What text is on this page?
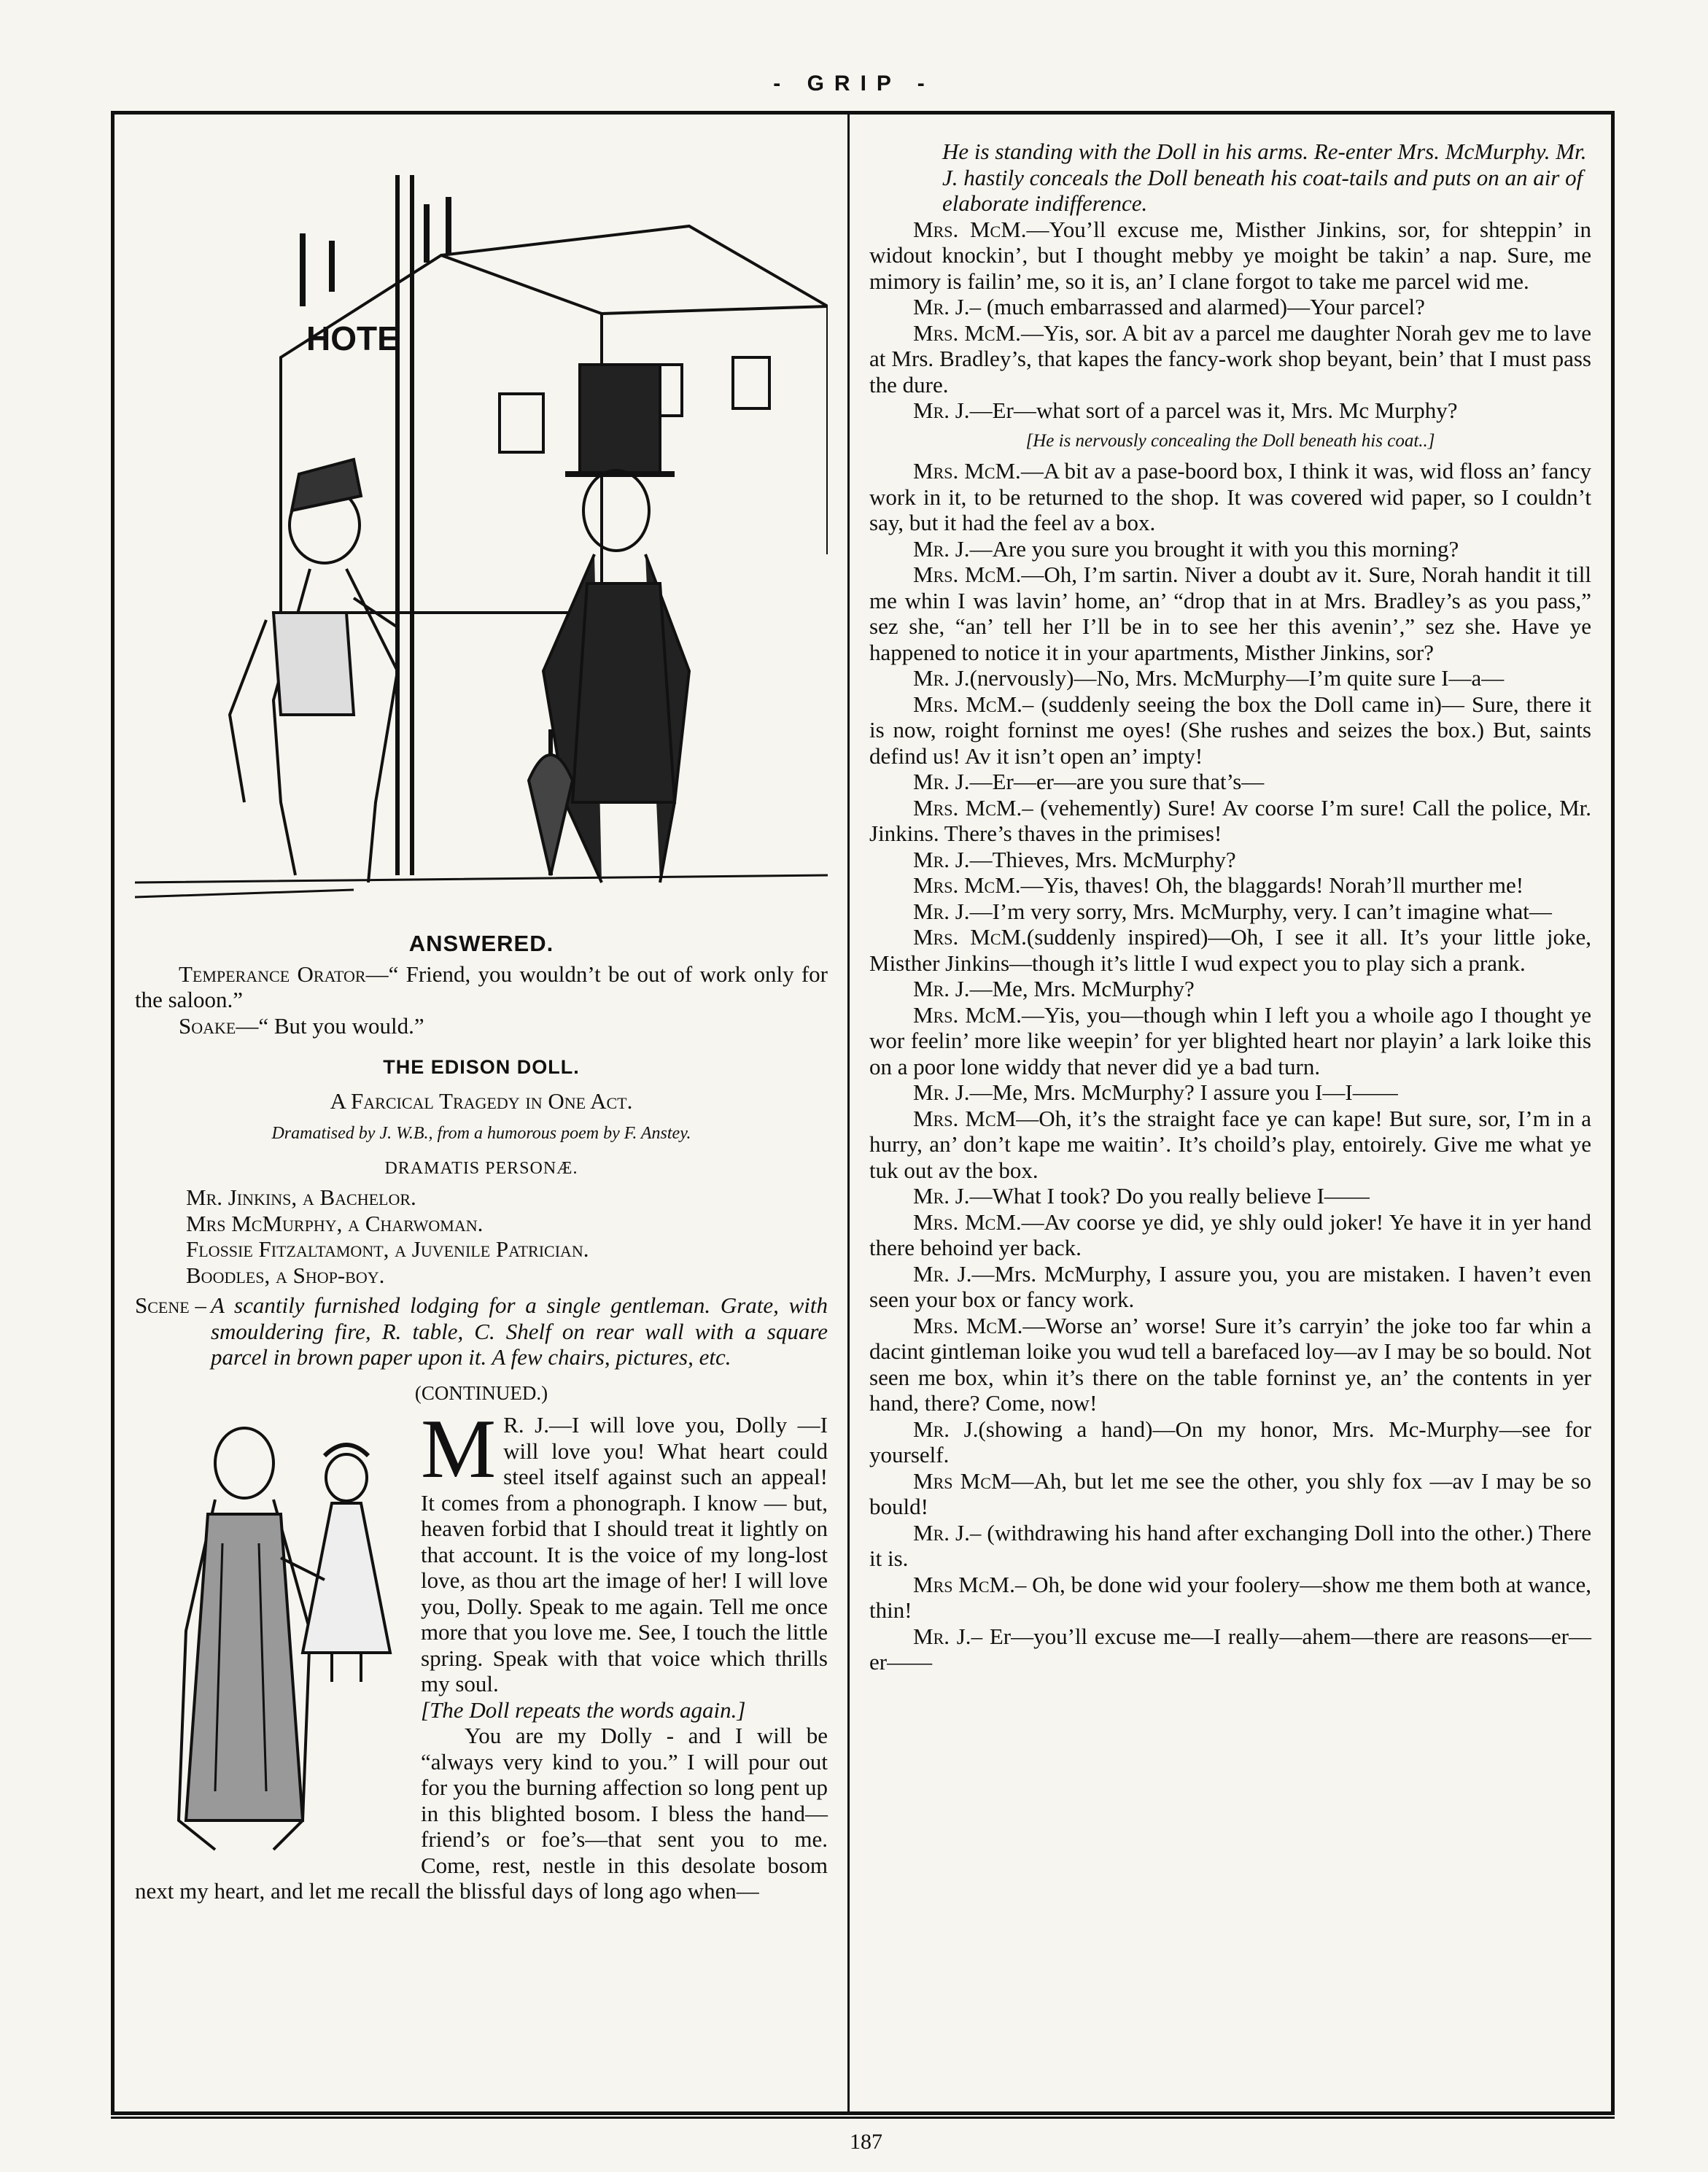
- GRIP -
187
HOTE
ANSWERED.

Temperance Orator—“ Friend, you wouldn’t be out of work only for the saloon.”

Soake—“ But you would.”

THE EDISON DOLL.
A Farcical Tragedy in One Act.
Dramatised by J. W.B., from a humorous poem by F. Anstey.
DRAMATIS PERSONÆ.

Mr. Jinkins, a Bachelor.

Mrs McMurphy, a Charwoman.

Flossie Fitzaltamont, a Juvenile Patrician.

Boodles, a Shop-boy.

Scene – A scantily furnished lodging for a single gentleman. Grate, with smouldering fire, R. table, C. Shelf on rear wall with a square parcel in brown paper upon it. A few chairs, pictures, etc.
(CONTINUED.)
M R. J.—I will love you, Dolly —I will love you! What heart could steel itself against such an appeal! It comes from a phonograph. I know — but, heaven forbid that I should treat it lightly on that account. It is the voice of my long-lost love, as thou art the image of her! I will love you, Dolly. Speak to me again. Tell me once more that you love me. See, I touch the little spring. Speak with that voice which thrills my soul.

[The Doll repeats the words again.]

You are my Dolly - and I will be “always very kind to you.” I will pour out for you the burning affection so long pent up in this blighted bosom. I bless the hand—friend’s or foe’s—that sent you to me. Come, rest, nestle in this desolate bosom next my heart, and let me recall the blissful days of long ago when—

He is standing with the Doll in his arms. Re-enter Mrs. McMurphy. Mr. J. hastily conceals the Doll beneath his coat-tails and puts on an air of elaborate indifference.

Mrs. McM.—You’ll excuse me, Misther Jinkins, sor, for shteppin’ in widout knockin’, but I thought mebby ye moight be takin’ a nap. Sure, me mimory is failin’ me, so it is, an’ I clane forgot to take me parcel wid me.

Mr. J.– (much embarrassed and alarmed)—Your parcel?

Mrs. McM.—Yis, sor. A bit av a parcel me daughter Norah gev me to lave at Mrs. Bradley’s, that kapes the fancy-work shop beyant, bein’ that I must pass the dure.

Mr. J.—Er—what sort of a parcel was it, Mrs. Mc Murphy?

[He is nervously concealing the Doll beneath his coat..]

Mrs. McM.—A bit av a pase-boord box, I think it was, wid floss an’ fancy work in it, to be returned to the shop. It was covered wid paper, so I couldn’t say, but it had the feel av a box.

Mr. J.—Are you sure you brought it with you this morning?

Mrs. McM.—Oh, I’m sartin. Niver a doubt av it. Sure, Norah handit it till me whin I was lavin’ home, an’ “drop that in at Mrs. Bradley’s as you pass,” sez she, “an’ tell her I’ll be in to see her this avenin’,” sez she. Have ye happened to notice it in your apartments, Misther Jinkins, sor?

Mr. J.(nervously)—No, Mrs. McMurphy—I’m quite sure I—a—

Mrs. McM.– (suddenly seeing the box the Doll came in)— Sure, there it is now, roight forninst me oyes! (She rushes and seizes the box.) But, saints defind us! Av it isn’t open an’ impty!

Mr. J.—Er—er—are you sure that’s—

Mrs. McM.– (vehemently) Sure! Av coorse I’m sure! Call the police, Mr. Jinkins. There’s thaves in the primises!

Mr. J.—Thieves, Mrs. McMurphy?

Mrs. McM.—Yis, thaves! Oh, the blaggards! Norah’ll murther me!

Mr. J.—I’m very sorry, Mrs. McMurphy, very. I can’t imagine what—

Mrs. McM.(suddenly inspired)—Oh, I see it all. It’s your little joke, Misther Jinkins—though it’s little I wud expect you to play sich a prank.

Mr. J.—Me, Mrs. McMurphy?

Mrs. McM.—Yis, you—though whin I left you a whoile ago I thought ye wor feelin’ more like weepin’ for yer blighted heart nor playin’ a lark loike this on a poor lone widdy that never did ye a bad turn.

Mr. J.—Me, Mrs. McMurphy? I assure you I—I——

Mrs. McM—Oh, it’s the straight face ye can kape! But sure, sor, I’m in a hurry, an’ don’t kape me waitin’. It’s choild’s play, entoirely. Give me what ye tuk out av the box.

Mr. J.—What I took? Do you really believe I——

Mrs. McM.—Av coorse ye did, ye shly ould joker! Ye have it in yer hand there behoind yer back.

Mr. J.—Mrs. McMurphy, I assure you, you are mistaken. I haven’t even seen your box or fancy work.

Mrs. McM.—Worse an’ worse! Sure it’s carryin’ the joke too far whin a dacint gintleman loike you wud tell a barefaced loy—av I may be so bould. Not seen me box, whin it’s there on the table forninst ye, an’ the contents in yer hand, there? Come, now!

Mr. J.(showing a hand)—On my honor, Mrs. Mc-Murphy—see for yourself.

Mrs McM—Ah, but let me see the other, you shly fox —av I may be so bould!

Mr. J.– (withdrawing his hand after exchanging Doll into the other.) There it is.

Mrs McM.– Oh, be done wid your foolery—show me them both at wance, thin!

Mr. J.– Er—you’ll excuse me—I really—ahem—there are reasons—er—er——
